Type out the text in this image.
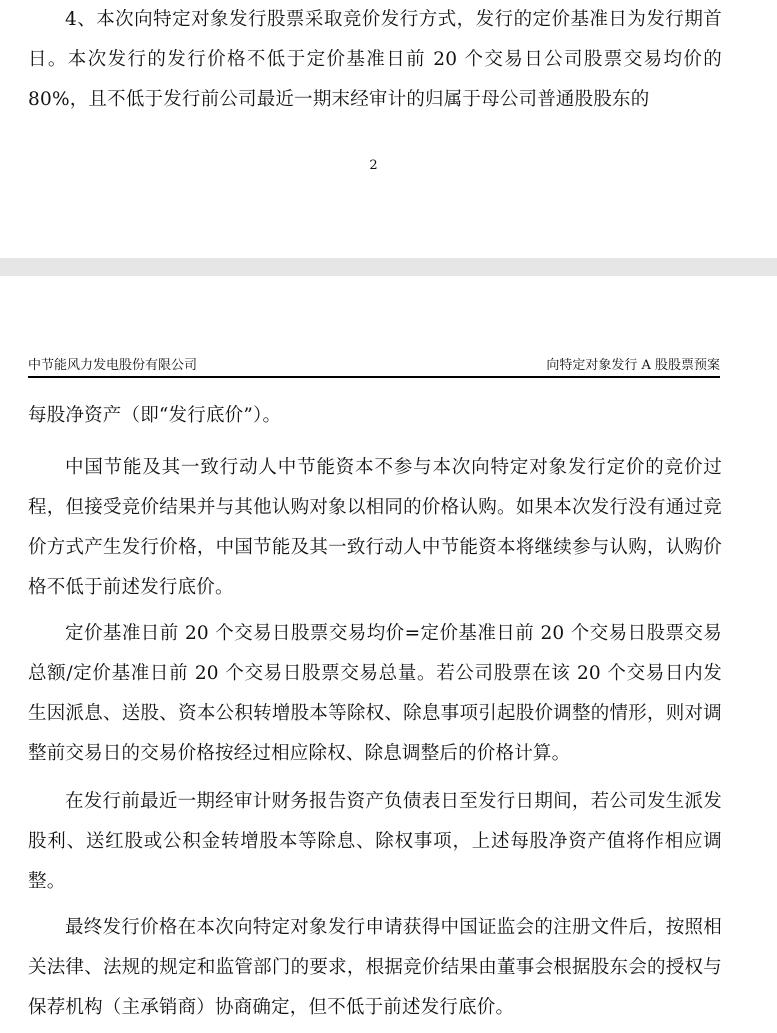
4、本次向特定对象发行股票采取竞价发行方式，发行的定价基准日为发行期首日。本次发行的发行价格不低于定价基准日前 20 个交易日公司股票交易均价的 80%，且不低于发行前公司最近一期末经审计的归属于母公司普通股股东的

2
中节能风力发电股份有限公司	向特定对象发行 A 股股票预案

每股净资产（即“发行底价”）。

中国节能及其一致行动人中节能资本不参与本次向特定对象发行定价的竞价过程，但接受竞价结果并与其他认购对象以相同的价格认购。如果本次发行没有通过竞价方式产生发行价格，中国节能及其一致行动人中节能资本将继续参与认购，认购价格不低于前述发行底价。

定价基准日前 20 个交易日股票交易均价=定价基准日前 20 个交易日股票交易总额/定价基准日前 20 个交易日股票交易总量。若公司股票在该 20 个交易日内发生因派息、送股、资本公积转增股本等除权、除息事项引起股价调整的情形，则对调整前交易日的交易价格按经过相应除权、除息调整后的价格计算。

在发行前最近一期经审计财务报告资产负债表日至发行日期间，若公司发生派发股利、送红股或公积金转增股本等除息、除权事项，上述每股净资产值将作相应调整。

最终发行价格在本次向特定对象发行申请获得中国证监会的注册文件后，按照相关法律、法规的规定和监管部门的要求，根据竞价结果由董事会根据股东会的授权与保荐机构（主承销商）协商确定，但不低于前述发行底价。
